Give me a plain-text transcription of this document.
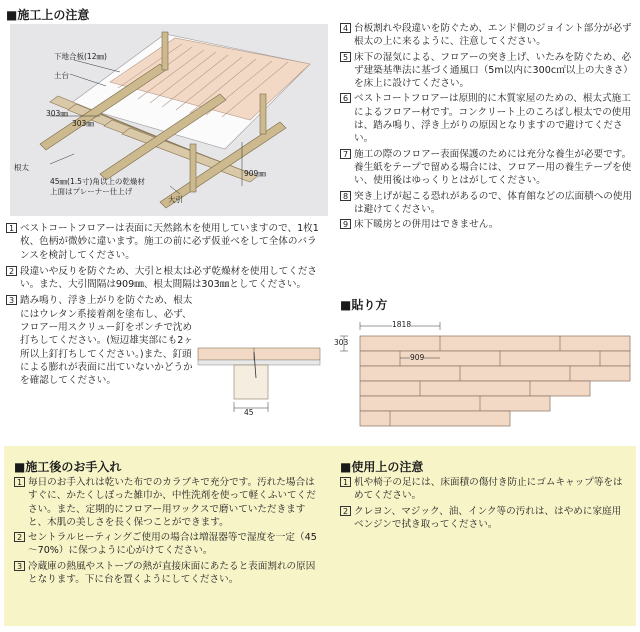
■施工上の注意
下地合板(12㎜)
土台
303㎜
303㎜
根太
45㎜(1.5寸)角以上の乾燥材
上面はプレーナー仕上げ
大引
909㎜
1 ベストコートフロアーは表面に天然銘木を使用していますので、1枚1枚、色柄が微妙に違います。施工の前に必ず仮並べをして全体のバランスを検討してください。
2 段違いや反りを防ぐため、大引と根太は必ず乾燥材を使用してください。また、大引間隔は909㎜、根太間隔は303㎜としてください。
3 踏み鳴り、浮き上がりを防ぐため、根太にはウレタン系接着剤を塗布し、必ず、フロアー用スクリュー釘をポンチで沈め打ちしてください。(短辺雄実部にも2ヶ所以上釘打ちしてください。)また、釘頭による膨れが表面に出ていないかどうかを確認してください。
45
4 台板割れや段違いを防ぐため、エンド側のジョイント部分が必ず根太の上に来るように、注意してください。
5 床下の湿気による、フロアーの突き上げ、いたみを防ぐため、必ず建築基準法に基づく通風口（5m以内に300c㎡以上の大きさ）を床上に設けてください。
6 ベストコートフロアーは原則的に木質家屋のための、根太式施工によるフロアー材です。コンクリート上のころばし根太での使用は、踏み鳴り、浮き上がりの原因となりますので避けてください。
7 施工の際のフロアー表面保護のためには充分な養生が必要です。養生紙をテープで留める場合には、フロアー用の養生テープを使い、使用後はゆっくりとはがしてください。
8 突き上げが起こる恐れがあるので、体育館などの広面積への使用は避けてください。
9 床下暖房との併用はできません。
■貼り方
1818
303
909
■施工後のお手入れ
1 毎日のお手入れは乾いた布でのカラブキで充分です。汚れた場合はすぐに、かたくしぼった雑巾か、中性洗剤を使って軽くふいてください。また、定期的にフロアー用ワックスで磨いていただきますと、木肌の美しさを長く保つことができます。
2 セントラルヒーティングご使用の場合は増湿器等で湿度を一定（45～70%）に保つように心がけてください。
3 冷蔵庫の熱風やストーブの熱が直接床面にあたると表面割れの原因となります。下に台を置くようにしてください。
■使用上の注意
1 机や椅子の足には、床面積の傷付き防止にゴムキャップ等をはめてください。
2 クレヨン、マジック、油、インク等の汚れは、はやめに家庭用ベンジンで拭き取ってください。
